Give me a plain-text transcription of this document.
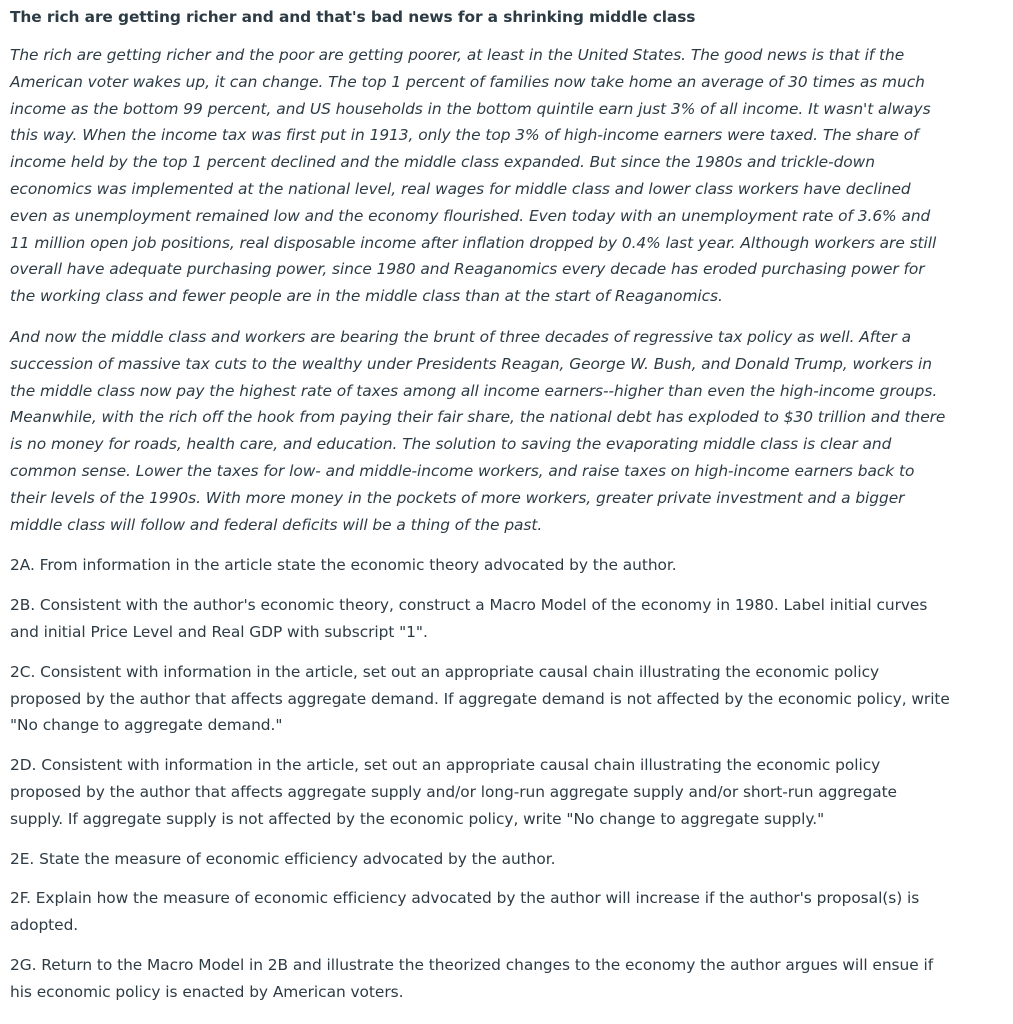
The rich are getting richer and and that's bad news for a shrinking middle class

The rich are getting richer and the poor are getting poorer, at least in the United States. The good news is that if the American voter wakes up, it can change. The top 1 percent of families now take home an average of 30 times as much income as the bottom 99 percent, and US households in the bottom quintile earn just 3% of all income. It wasn't always this way. When the income tax was first put in 1913, only the top 3% of high-income earners were taxed. The share of income held by the top 1 percent declined and the middle class expanded. But since the 1980s and trickle-down economics was implemented at the national level, real wages for middle class and lower class workers have declined even as unemployment remained low and the economy flourished. Even today with an unemployment rate of 3.6% and 11 million open job positions, real disposable income after inflation dropped by 0.4% last year. Although workers are still overall have adequate purchasing power, since 1980 and Reaganomics every decade has eroded purchasing power for the working class and fewer people are in the middle class than at the start of Reaganomics.

And now the middle class and workers are bearing the brunt of three decades of regressive tax policy as well. After a succession of massive tax cuts to the wealthy under Presidents Reagan, George W. Bush, and Donald Trump, workers in the middle class now pay the highest rate of taxes among all income earners--higher than even the high-income groups. Meanwhile, with the rich off the hook from paying their fair share, the national debt has exploded to $30 trillion and there is no money for roads, health care, and education. The solution to saving the evaporating middle class is clear and common sense. Lower the taxes for low- and middle-income workers, and raise taxes on high-income earners back to their levels of the 1990s. With more money in the pockets of more workers, greater private investment and a bigger middle class will follow and federal deficits will be a thing of the past.

2A. From information in the article state the economic theory advocated by the author.

2B. Consistent with the author's economic theory, construct a Macro Model of the economy in 1980. Label initial curves and initial Price Level and Real GDP with subscript "1".

2C. Consistent with information in the article, set out an appropriate causal chain illustrating the economic policy proposed by the author that affects aggregate demand. If aggregate demand is not affected by the economic policy, write "No change to aggregate demand."

2D. Consistent with information in the article, set out an appropriate causal chain illustrating the economic policy proposed by the author that affects aggregate supply and/or long-run aggregate supply and/or short-run aggregate supply. If aggregate supply is not affected by the economic policy, write "No change to aggregate supply."

2E. State the measure of economic efficiency advocated by the author.

2F. Explain how the measure of economic efficiency advocated by the author will increase if the author's proposal(s) is adopted.

2G. Return to the Macro Model in 2B and illustrate the theorized changes to the economy the author argues will ensue if his economic policy is enacted by American voters.
